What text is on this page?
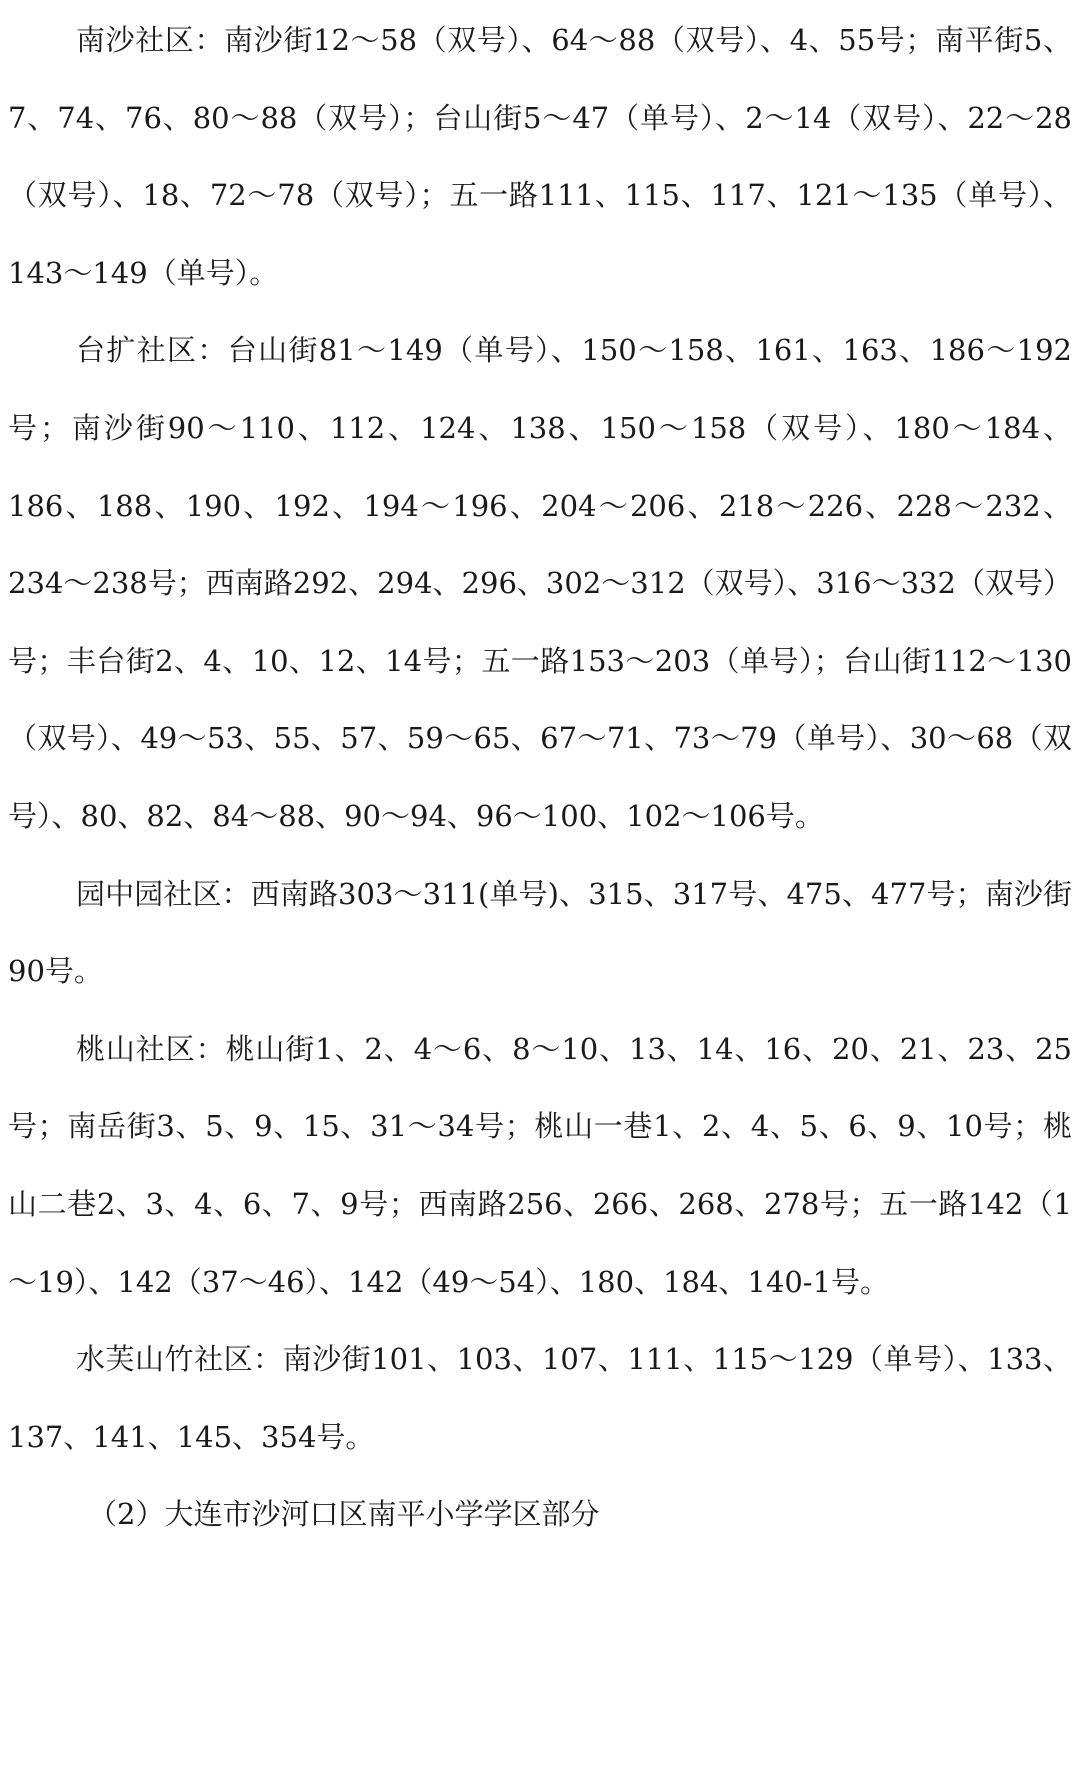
南沙社区：南沙街12～58（双号）、64～88（双号）、4、55号；南平街5、7、74、76、80～88（双号）；台山街5～47（单号）、2～14（双号）、22～28（双号）、18、72～78（双号）；五一路111、115、117、121～135（单号）、143～149（单号）。

台扩社区：台山街81～149（单号）、150～158、161、163、186～192号；南沙街90～110、112、124、138、150～158（双号）、180～184、186、188、190、192、194～196、204～206、218～226、228～232、234～238号；西南路292、294、296、302～312（双号）、316～332（双号）号；丰台街2、4、10、12、14号；五一路153～203（单号）；台山街112～130（双号）、49～53、55、57、59～65、67～71、73～79（单号）、30～68（双号）、80、82、84～88、90～94、96～100、102～106号。

园中园社区：西南路303～311(单号)、315、317号、475、477号；南沙街90号。

桃山社区：桃山街1、2、4～6、8～10、13、14、16、20、21、23、25号；南岳街3、5、9、15、31～34号；桃山一巷1、2、4、5、6、9、10号；桃山二巷2、3、4、6、7、9号；西南路256、266、268、278号；五一路142（1～19）、142（37～46）、142（49～54）、180、184、140-1号。

水芙山竹社区：南沙街101、103、107、111、115～129（单号）、133、137、141、145、354号。

（2）大连市沙河口区南平小学学区部分
